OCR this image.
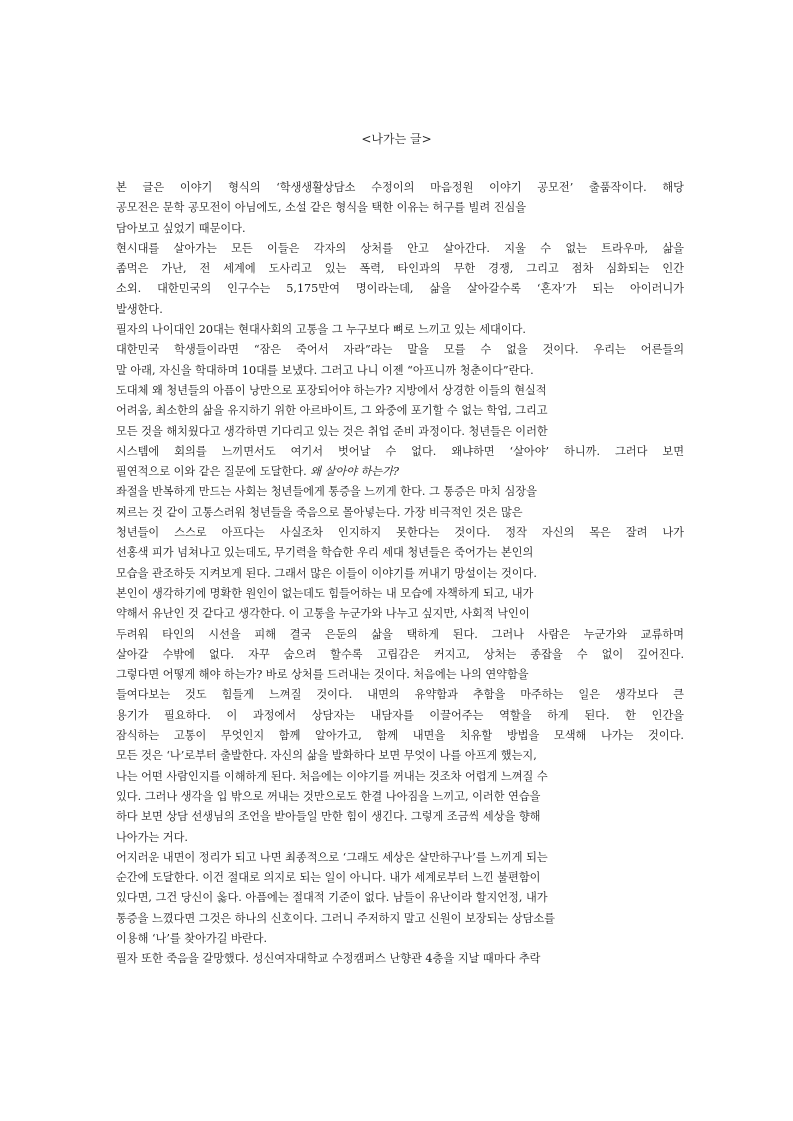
<나가는 글>
본 글은 이야기 형식의 ‘학생생활상담소 수정이의 마음정원 이야기 공모전’ 출품작이다. 해당
공모전은 문학 공모전이 아님에도, 소설 같은 형식을 택한 이유는 허구를 빌려 진심을
담아보고 싶었기 때문이다.
현시대를 살아가는 모든 이들은 각자의 상처를 안고 살아간다. 지울 수 없는 트라우마, 삶을
좀먹은 가난, 전 세계에 도사리고 있는 폭력, 타인과의 무한 경쟁, 그리고 점차 심화되는 인간
소외. 대한민국의 인구수는 5,175만여 명이라는데, 삶을 살아갈수록 ‘혼자’가 되는 아이러니가
발생한다.
필자의 나이대인 20대는 현대사회의 고통을 그 누구보다 뼈로 느끼고 있는 세대이다.
대한민국 학생들이라면 “잠은 죽어서 자라”라는 말을 모를 수 없을 것이다. 우리는 어른들의
말 아래, 자신을 학대하며 10대를 보냈다. 그러고 나니 이젠 “아프니까 청춘이다”란다.
도대체 왜 청년들의 아픔이 낭만으로 포장되어야 하는가? 지방에서 상경한 이들의 현실적
어려움, 최소한의 삶을 유지하기 위한 아르바이트, 그 와중에 포기할 수 없는 학업, 그리고
모든 것을 해치웠다고 생각하면 기다리고 있는 것은 취업 준비 과정이다. 청년들은 이러한
시스템에 회의를 느끼면서도 여기서 벗어날 수 없다. 왜냐하면 ‘살아야’ 하니까. 그러다 보면
필연적으로 이와 같은 질문에 도달한다. 왜 살아야 하는가?
좌절을 반복하게 만드는 사회는 청년들에게 통증을 느끼게 한다. 그 통증은 마치 심장을
찌르는 것 같이 고통스러워 청년들을 죽음으로 몰아넣는다. 가장 비극적인 것은 많은
청년들이 스스로 아프다는 사실조차 인지하지 못한다는 것이다. 정작 자신의 목은 잘려 나가
선홍색 피가 넘쳐나고 있는데도, 무기력을 학습한 우리 세대 청년들은 죽어가는 본인의
모습을 관조하듯 지켜보게 된다. 그래서 많은 이들이 이야기를 꺼내기 망설이는 것이다.
본인이 생각하기에 명확한 원인이 없는데도 힘들어하는 내 모습에 자책하게 되고, 내가
약해서 유난인 것 같다고 생각한다. 이 고통을 누군가와 나누고 싶지만, 사회적 낙인이
두려워 타인의 시선을 피해 결국 은둔의 삶을 택하게 된다. 그러나 사람은 누군가와 교류하며
살아갈 수밖에 없다. 자꾸 숨으려 할수록 고립감은 커지고, 상처는 종잡을 수 없이 깊어진다.
그렇다면 어떻게 해야 하는가? 바로 상처를 드러내는 것이다. 처음에는 나의 연약함을
들여다보는 것도 힘들게 느껴질 것이다. 내면의 유약함과 추함을 마주하는 일은 생각보다 큰
용기가 필요하다. 이 과정에서 상담자는 내담자를 이끌어주는 역할을 하게 된다. 한 인간을
잠식하는 고통이 무엇인지 함께 알아가고, 함께 내면을 치유할 방법을 모색해 나가는 것이다.
모든 것은 ‘나’로부터 출발한다. 자신의 삶을 발화하다 보면 무엇이 나를 아프게 했는지,
나는 어떤 사람인지를 이해하게 된다. 처음에는 이야기를 꺼내는 것조차 어렵게 느껴질 수
있다. 그러나 생각을 입 밖으로 꺼내는 것만으로도 한결 나아짐을 느끼고, 이러한 연습을
하다 보면 상담 선생님의 조언을 받아들일 만한 힘이 생긴다. 그렇게 조금씩 세상을 향해
나아가는 거다.
어지러운 내면이 정리가 되고 나면 최종적으로 ‘그래도 세상은 살만하구나’를 느끼게 되는
순간에 도달한다. 이건 절대로 의지로 되는 일이 아니다. 내가 세계로부터 느낀 불편함이
있다면, 그건 당신이 옳다. 아픔에는 절대적 기준이 없다. 남들이 유난이라 할지언정, 내가
통증을 느꼈다면 그것은 하나의 신호이다. 그러니 주저하지 말고 신원이 보장되는 상담소를
이용해 ‘나’를 찾아가길 바란다.
필자 또한 죽음을 갈망했다. 성신여자대학교 수정캠퍼스 난향관 4층을 지날 때마다 추락
